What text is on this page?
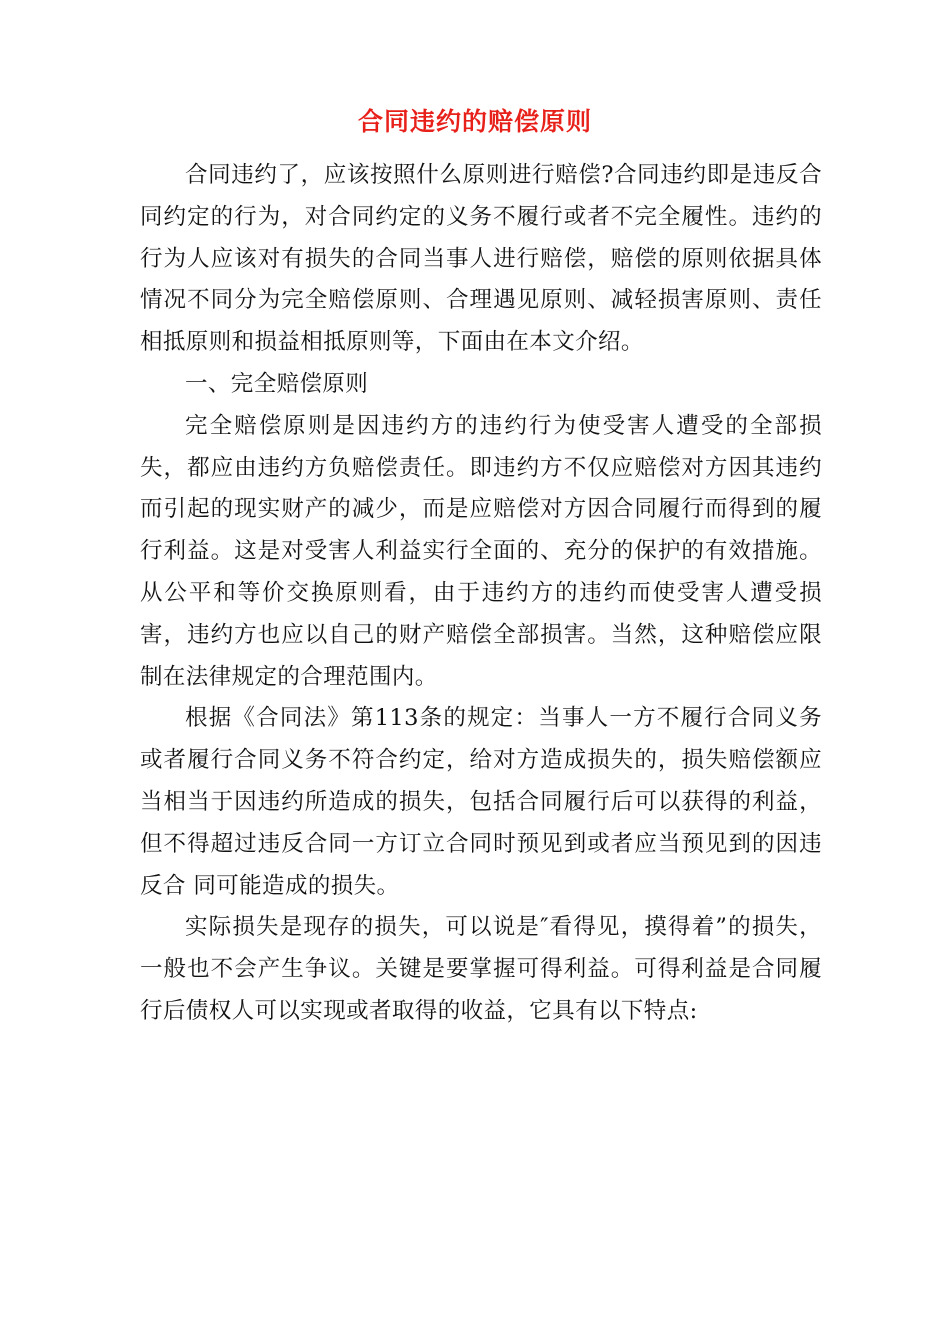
合同违约的赔偿原则

合同违约了，应该按照什么原则进行赔偿?合同违约即是违反合同约定的行为，对合同约定的义务不履行或者不完全履性。违约的行为人应该对有损失的合同当事人进行赔偿，赔偿的原则依据具体情况不同分为完全赔偿原则、合理遇见原则、减轻损害原则、责任相抵原则和损益相抵原则等，下面由在本文介绍。

一、完全赔偿原则

完全赔偿原则是因违约方的违约行为使受害人遭受的全部损失，都应由违约方负赔偿责任。即违约方不仅应赔偿对方因其违约而引起的现实财产的减少，而是应赔偿对方因合同履行而得到的履行利益。这是对受害人利益实行全面的、充分的保护的有效措施。从公平和等价交换原则看，由于违约方的违约而使受害人遭受损害，违约方也应以自己的财产赔偿全部损害。当然，这种赔偿应限制在法律规定的合理范围内。

根据《合同法》第113条的规定：当事人一方不履行合同义务或者履行合同义务不符合约定，给对方造成损失的，损失赔偿额应当相当于因违约所造成的损失，包括合同履行后可以获得的利益，但不得超过违反合同一方订立合同时预见到或者应当预见到的因违反合 同可能造成的损失。

实际损失是现存的损失，可以说是″看得见，摸得着”的损失，一般也不会产生争议。关键是要掌握可得利益。可得利益是合同履行后债权人可以实现或者取得的收益，它具有以下特点:
